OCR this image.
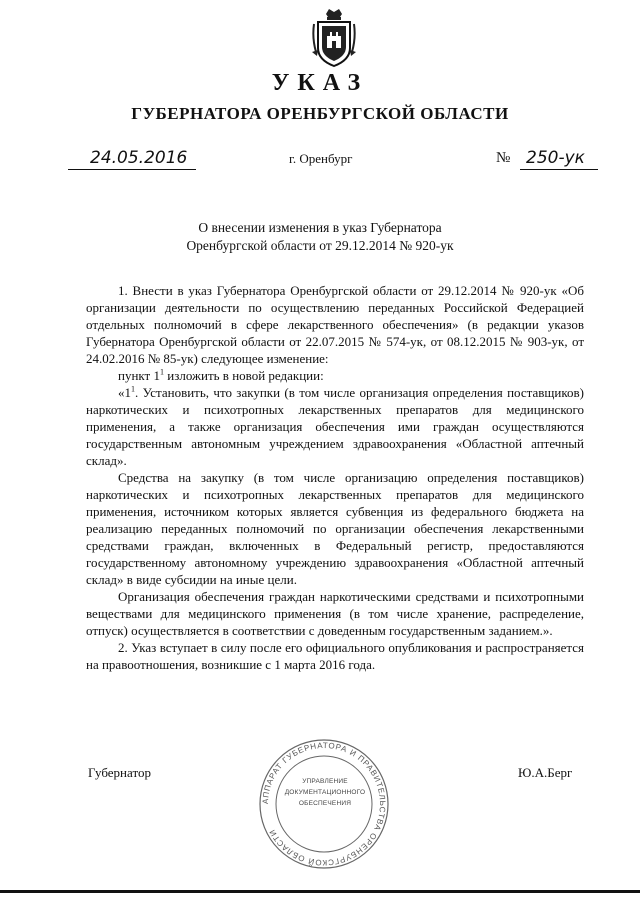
УКАЗ
ГУБЕРНАТОРА ОРЕНБУРГСКОЙ ОБЛАСТИ
24.05.2016	г. Оренбург	№ 250-ук
О внесении изменения в указ Губернатора
Оренбургской области от 29.12.2014 № 920-ук

1. Внести в указ Губернатора Оренбургской области от 29.12.2014 № 920-ук «Об организации деятельности по осуществлению переданных Российской Федерацией отдельных полномочий в сфере лекарственного обеспечения» (в редакции указов Губернатора Оренбургской области от 22.07.2015 № 574-ук, от 08.12.2015 № 903-ук, от 24.02.2016 № 85-ук) следующее изменение:

пункт $1^1$ изложить в новой редакции:

«$1^1$. Установить, что закупки (в том числе организация определения поставщиков) наркотических и психотропных лекарственных препаратов для медицинского применения, а также организация обеспечения ими граждан осуществляются государственным автономным учреждением здравоохранения «Областной аптечный склад».

Средства на закупку (в том числе организацию определения поставщиков) наркотических и психотропных лекарственных препаратов для медицинского применения, источником которых является субвенция из федерального бюджета на реализацию переданных полномочий по организации обеспечения лекарственными средствами граждан, включенных в Федеральный регистр, предоставляются государственному автономному учреждению здравоохранения «Областной аптечный склад» в виде субсидии на иные цели.

Организация обеспечения граждан наркотическими средствами и психотропными веществами для медицинского применения (в том числе хранение, распределение, отпуск) осуществляется в соответствии с доведенным государственным заданием.».

2. Указ вступает в силу после его официального опубликования и распространяется на правоотношения, возникшие с 1 марта 2016 года.

Губернатор	Ю.А.Берг
АППАРАТ ГУБЕРНАТОРА И ПРАВИТЕЛЬСТВА ОРЕНБУРГСКОЙ ОБЛАСТИ
УПРАВЛЕНИЕ
ДОКУМЕНТАЦИОННОГО
ОБЕСПЕЧЕНИЯ
